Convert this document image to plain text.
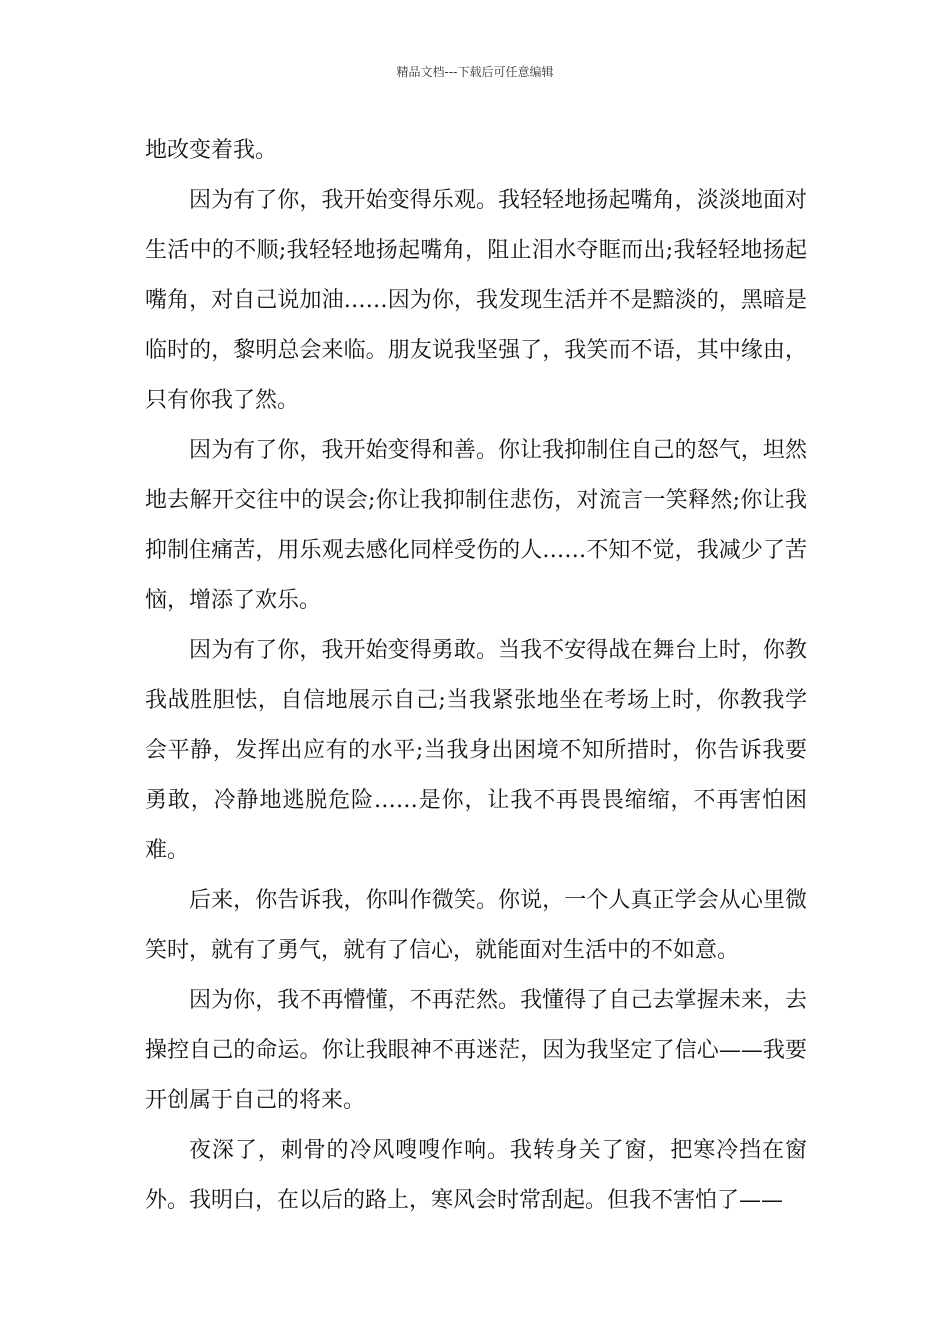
精品文档---下载后可任意编辑

地改变着我。

因为有了你，我开始变得乐观。我轻轻地扬起嘴角，淡淡地面对生活中的不顺;我轻轻地扬起嘴角，阻止泪水夺眶而出;我轻轻地扬起嘴角，对自己说加油……因为你，我发现生活并不是黯淡的，黑暗是临时的，黎明总会来临。朋友说我坚强了，我笑而不语，其中缘由，只有你我了然。

因为有了你，我开始变得和善。你让我抑制住自己的怒气，坦然地去解开交往中的误会;你让我抑制住悲伤，对流言一笑释然;你让我抑制住痛苦，用乐观去感化同样受伤的人……不知不觉，我减少了苦恼，增添了欢乐。

因为有了你，我开始变得勇敢。当我不安得战在舞台上时，你教我战胜胆怯，自信地展示自己;当我紧张地坐在考场上时，你教我学会平静，发挥出应有的水平;当我身出困境不知所措时，你告诉我要勇敢，冷静地逃脱危险……是你，让我不再畏畏缩缩，不再害怕困难。

后来，你告诉我，你叫作微笑。你说，一个人真正学会从心里微笑时，就有了勇气，就有了信心，就能面对生活中的不如意。

因为你，我不再懵懂，不再茫然。我懂得了自己去掌握未来，去操控自己的命运。你让我眼神不再迷茫，因为我坚定了信心——我要开创属于自己的将来。

夜深了，刺骨的冷风嗖嗖作响。我转身关了窗，把寒冷挡在窗外。我明白，在以后的路上，寒风会时常刮起。但我不害怕了——
